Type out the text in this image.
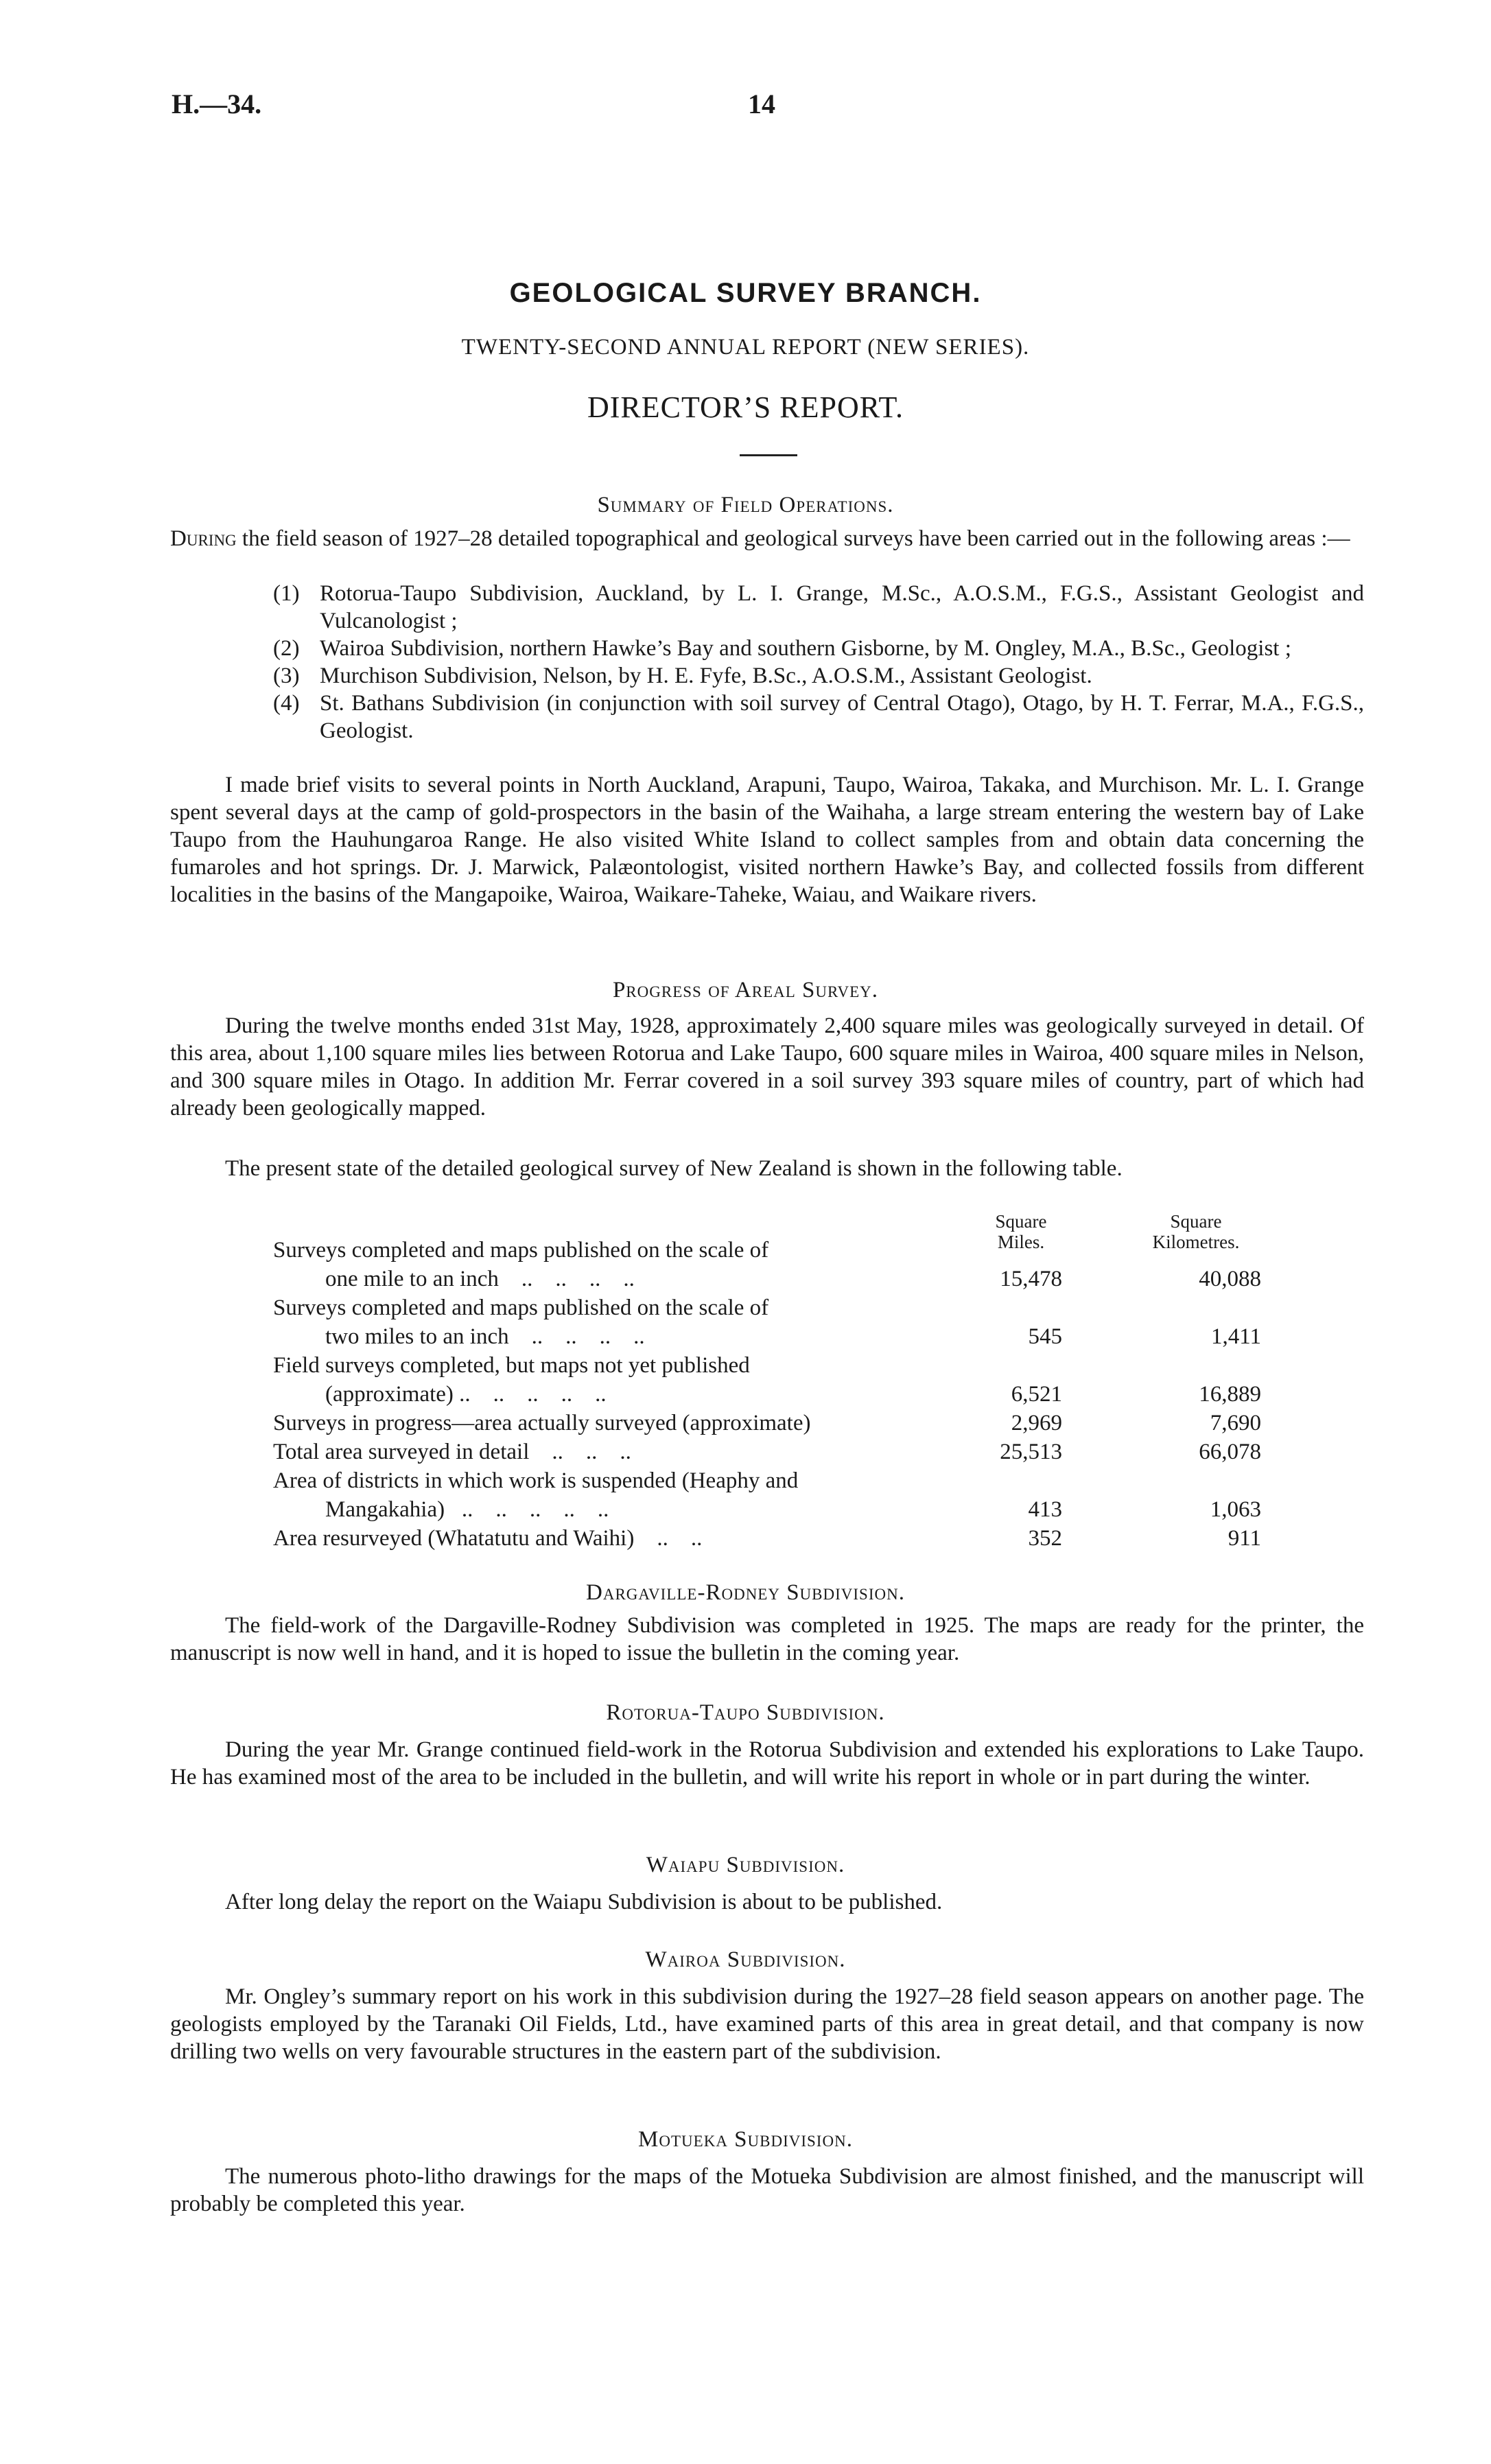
H.—34.	14
GEOLOGICAL SURVEY BRANCH.
TWENTY-SECOND ANNUAL REPORT (NEW SERIES).
DIRECTOR’S REPORT.
Summary of Field Operations.

During the field season of 1927–28 detailed topographical and geological surveys have been carried out in the following areas :—

(1) Rotorua-Taupo Subdivision, Auckland, by L. I. Grange, M.Sc., A.O.S.M., F.G.S., Assistant Geologist and Vulcanologist ;
(2) Wairoa Subdivision, northern Hawke’s Bay and southern Gisborne, by M. Ongley, M.A., B.Sc., Geologist ;
(3) Murchison Subdivision, Nelson, by H. E. Fyfe, B.Sc., A.O.S.M., Assistant Geologist.
(4) St. Bathans Subdivision (in conjunction with soil survey of Central Otago), Otago, by H. T. Ferrar, M.A., F.G.S., Geologist.

I made brief visits to several points in North Auckland, Arapuni, Taupo, Wairoa, Takaka, and Murchison. Mr. L. I. Grange spent several days at the camp of gold-prospectors in the basin of the Waihaha, a large stream entering the western bay of Lake Taupo from the Hauhungaroa Range. He also visited White Island to collect samples from and obtain data concerning the fumaroles and hot springs. Dr. J. Marwick, Palæontologist, visited northern Hawke’s Bay, and collected fossils from different localities in the basins of the Mangapoike, Wairoa, Waikare-Taheke, Waiau, and Waikare rivers.

Progress of Areal Survey.

During the twelve months ended 31st May, 1928, approximately 2,400 square miles was geologically surveyed in detail. Of this area, about 1,100 square miles lies between Rotorua and Lake Taupo, 600 square miles in Wairoa, 400 square miles in Nelson, and 300 square miles in Otago. In addition Mr. Ferrar covered in a soil survey 393 square miles of country, part of which had already been geologically mapped.

The present state of the detailed geological survey of New Zealand is shown in the following table.

Square
Miles.
Square
Kilometres.
Surveys completed and maps published on the scale of
one mile to an inch    ..    ..    ..    ..	15,478	40,088
Surveys completed and maps published on the scale of
two miles to an inch    ..    ..    ..    ..	545	1,411
Field surveys completed, but maps not yet published
(approximate) ..    ..    ..    ..    ..	6,521	16,889
Surveys in progress—area actually surveyed (approximate)	2,969	7,690
Total area surveyed in detail    ..    ..    ..	25,513	66,078
Area of districts in which work is suspended (Heaphy and
Mangakahia)   ..    ..    ..    ..    ..	413	1,063
Area resurveyed (Whatatutu and Waihi)    ..    ..	352	911
Dargaville-Rodney Subdivision.

The field-work of the Dargaville-Rodney Subdivision was completed in 1925. The maps are ready for the printer, the manuscript is now well in hand, and it is hoped to issue the bulletin in the coming year.

Rotorua-Taupo Subdivision.

During the year Mr. Grange continued field-work in the Rotorua Subdivision and extended his explorations to Lake Taupo. He has examined most of the area to be included in the bulletin, and will write his report in whole or in part during the winter.

Waiapu Subdivision.

After long delay the report on the Waiapu Subdivision is about to be published.

Wairoa Subdivision.

Mr. Ongley’s summary report on his work in this subdivision during the 1927–28 field season appears on another page. The geologists employed by the Taranaki Oil Fields, Ltd., have examined parts of this area in great detail, and that company is now drilling two wells on very favourable structures in the eastern part of the subdivision.

Motueka Subdivision.

The numerous photo-litho drawings for the maps of the Motueka Subdivision are almost finished, and the manuscript will probably be completed this year.
